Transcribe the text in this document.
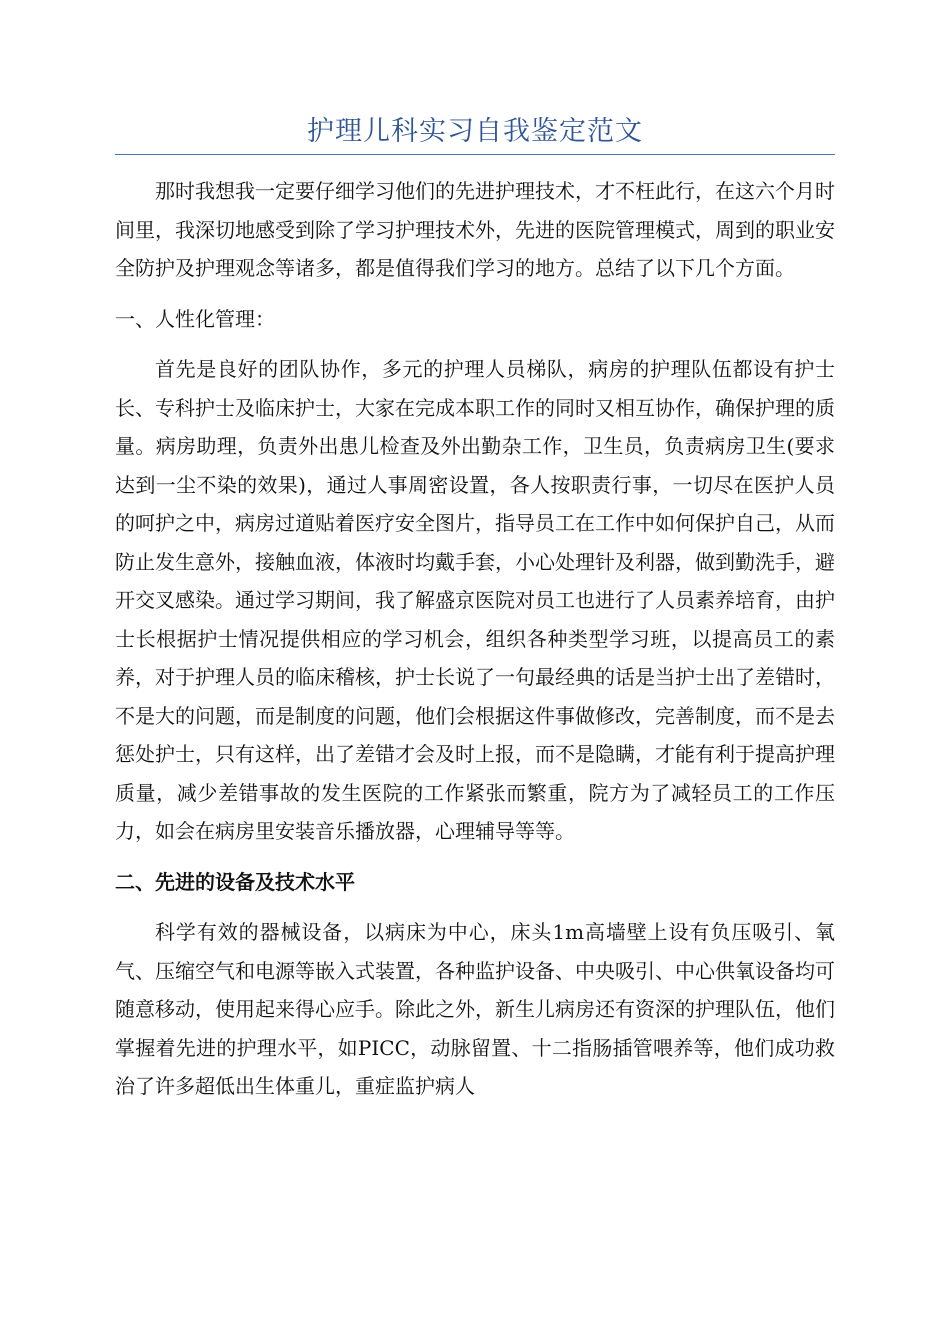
护理儿科实习自我鉴定范文

那时我想我一定要仔细学习他们的先进护理技术，才不枉此行，在这六个月时间里，我深切地感受到除了学习护理技术外，先进的医院管理模式，周到的职业安全防护及护理观念等诸多，都是值得我们学习的地方。总结了以下几个方面。

一、人性化管理：

首先是良好的团队协作，多元的护理人员梯队，病房的护理队伍都设有护士长、专科护士及临床护士，大家在完成本职工作的同时又相互协作，确保护理的质量。病房助理，负责外出患儿检查及外出勤杂工作，卫生员，负责病房卫生(要求达到一尘不染的效果)，通过人事周密设置，各人按职责行事，一切尽在医护人员的呵护之中，病房过道贴着医疗安全图片，指导员工在工作中如何保护自己，从而防止发生意外，接触血液，体液时均戴手套，小心处理针及利器，做到勤洗手，避开交叉感染。通过学习期间，我了解盛京医院对员工也进行了人员素养培育，由护士长根据护士情况提供相应的学习机会，组织各种类型学习班，以提高员工的素养，对于护理人员的临床稽核，护士长说了一句最经典的话是当护士出了差错时，不是大的问题，而是制度的问题，他们会根据这件事做修改，完善制度，而不是去惩处护士，只有这样，出了差错才会及时上报，而不是隐瞒，才能有利于提高护理质量，减少差错事故的发生医院的工作紧张而繁重，院方为了减轻员工的工作压力，如会在病房里安装音乐播放器，心理辅导等等。

二、先进的设备及技术水平

科学有效的器械设备，以病床为中心，床头1m高墙壁上设有负压吸引、氧气、压缩空气和电源等嵌入式装置，各种监护设备、中央吸引、中心供氧设备均可随意移动，使用起来得心应手。除此之外，新生儿病房还有资深的护理队伍，他们掌握着先进的护理水平，如PICC，动脉留置、十二指肠插管喂养等，他们成功救治了许多超低出生体重儿，重症监护病人
